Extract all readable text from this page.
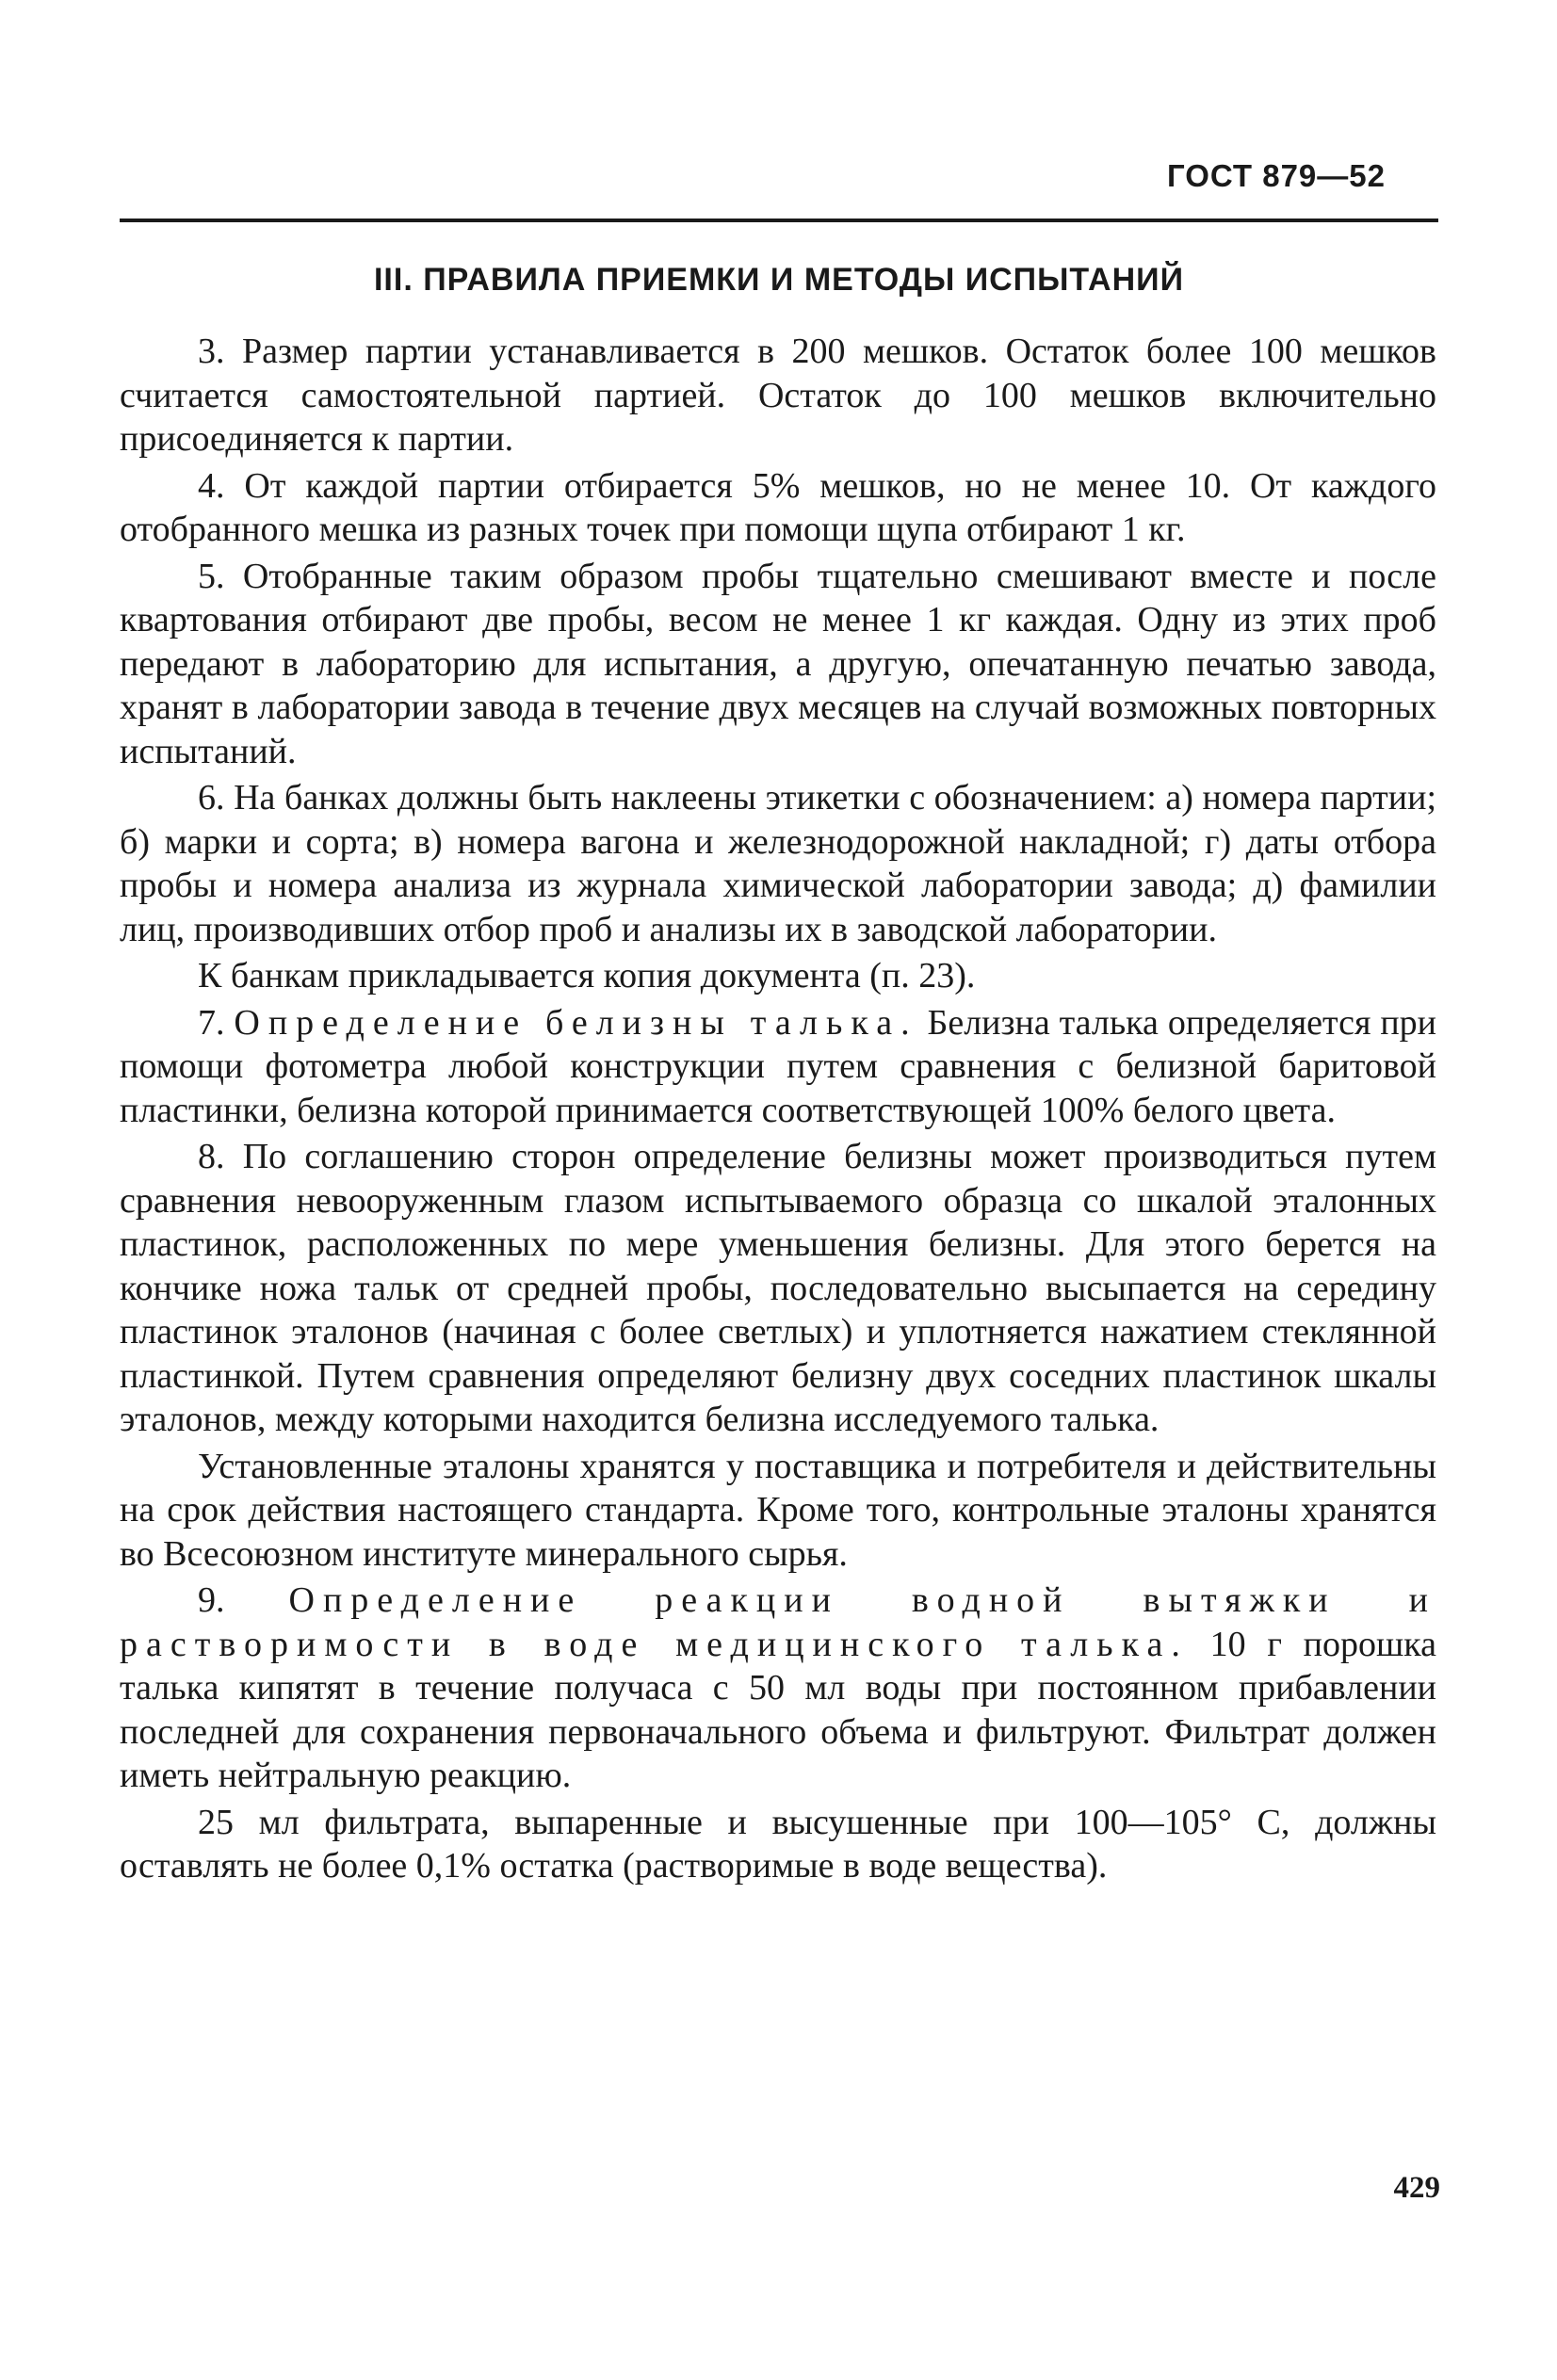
ГОСТ 879—52
III. ПРАВИЛА ПРИЕМКИ И МЕТОДЫ ИСПЫТАНИЙ

3. Размер партии устанавливается в 200 мешков. Остаток более 100 мешков считается самостоятельной партией. Остаток до 100 мешков включительно присоединяется к партии.

4. От каждой партии отбирается 5% мешков, но не менее 10. От каждого отобранного мешка из разных точек при помощи щупа отбирают 1 кг.

5. Отобранные таким образом пробы тщательно смешивают вместе и после квартования отбирают две пробы, весом не менее 1 кг каждая. Одну из этих проб передают в лабораторию для испытания, а другую, опечатанную печатью завода, хранят в лаборатории завода в течение двух месяцев на случай возможных повторных испытаний.

6. На банках должны быть наклеены этикетки с обозначением: а) номера партии; б) марки и сорта; в) номера вагона и железнодорожной накладной; г) даты отбора пробы и номера анализа из журнала химической лаборатории завода; д) фамилии лиц, производивших отбор проб и анализы их в заводской лаборатории.

К банкам прикладывается копия документа (п. 23).

7. Определение белизны талька. Белизна талька определяется при помощи фотометра любой конструкции путем сравнения с белизной баритовой пластинки, белизна которой принимается соответствующей 100% белого цвета.

8. По соглашению сторон определение белизны может производиться путем сравнения невооруженным глазом испытываемого образца со шкалой эталонных пластинок, расположенных по мере уменьшения белизны. Для этого берется на кончике ножа тальк от средней пробы, последовательно высыпается на середину пластинок эталонов (начиная с более светлых) и уплотняется нажатием стеклянной пластинкой. Путем сравнения определяют белизну двух соседних пластинок шкалы эталонов, между которыми находится белизна исследуемого талька.

Установленные эталоны хранятся у поставщика и потребителя и действительны на срок действия настоящего стандарта. Кроме того, контрольные эталоны хранятся во Всесоюзном институте минерального сырья.

9. Определение реакции водной вытяжки и растворимости в воде медицинского талька. 10 г порошка талька кипятят в течение получаса с 50 мл воды при постоянном прибавлении последней для сохранения первоначального объема и фильтруют. Фильтрат должен иметь нейтральную реакцию.

25 мл фильтрата, выпаренные и высушенные при 100—105° С, должны оставлять не более 0,1% остатка (растворимые в воде вещества).

429
